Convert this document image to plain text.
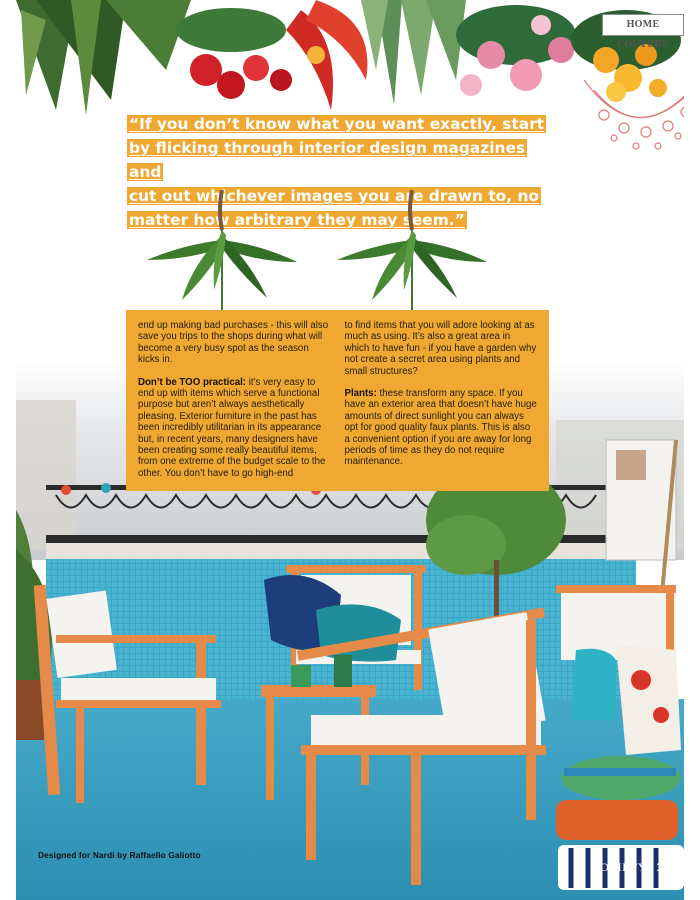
HOME COUTURE
“If you don’t know what you want exactly, start
by flicking through interior design magazines and
cut out whichever images you are drawn to, no
matter how arbitrary they may seem.”

end up making bad purchases - this will also save you trips to the shops during what will become a very busy spot as the season kicks in.

Don’t be TOO practical: it’s very easy to end up with items which serve a functional purpose but aren’t always aesthetically pleasing. Exterior furniture in the past has been incredibly utilitarian in its appearance but, in recent years, many designers have been creating some really beautiful items, from one extreme of the budget scale to the other. You don’t have to go high-end

to find items that you will adore looking at as much as using. It’s also a great area in which to have fun - if you have a garden why not create a secret area using plants and small structures?

Plants: these transform any space. If you have an exterior area that doesn’t have huge amounts of direct sunlight you can always opt for good quality faux plants. This is also a convenient option if you are away for long periods of time as they do not require maintenance.

Designed for Nardi by Raffaello Galiotto
SOCIETY | 125
